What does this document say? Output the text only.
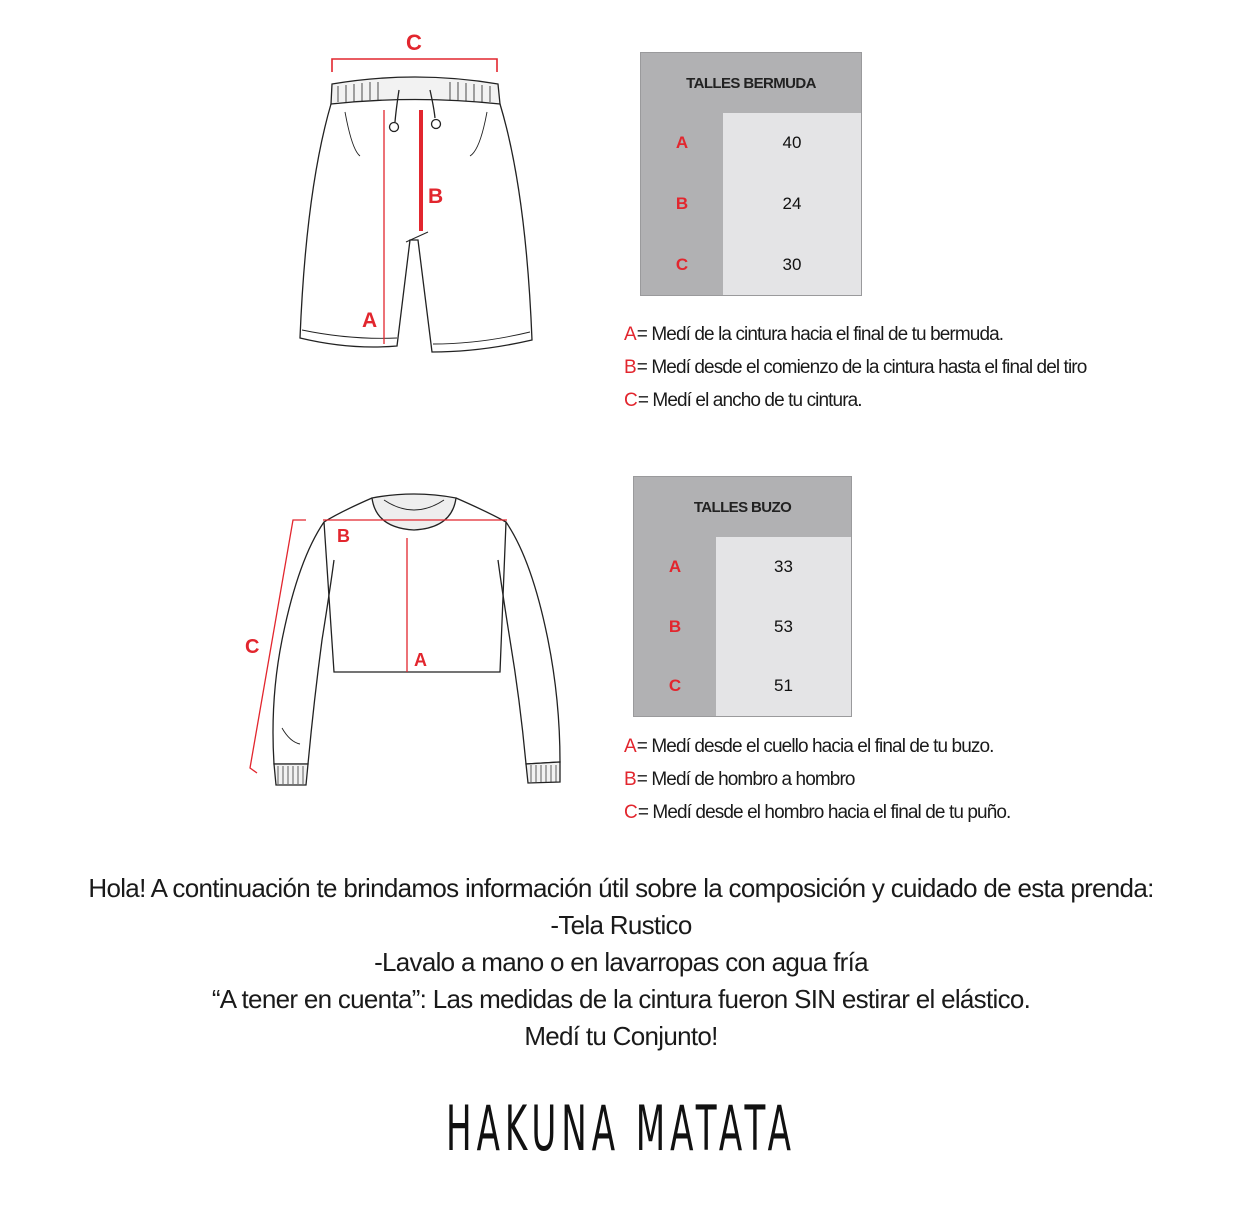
C
B
A
TALLES BERMUDA
A
B
C
40
24
30
A = Medí de la cintura hacia el final de tu bermuda.
B = Medí desde el comienzo de la cintura hasta el final del tiro
C = Medí el ancho de tu cintura.
B
A
C
TALLES BUZO
A
B
C
33
53
51
A = Medí desde el cuello hacia el final de tu buzo.
B = Medí de hombro a hombro
C = Medí desde el hombro hacia el final de tu puño.
Hola! A continuación te brindamos información útil sobre la composición y cuidado de esta prenda:
-Tela Rustico
-Lavalo a mano o en lavarropas con agua fría
“A tener en cuenta”: Las medidas de la cintura fueron SIN estirar el elástico.
Medí tu Conjunto!
HAKUNA MATATA
